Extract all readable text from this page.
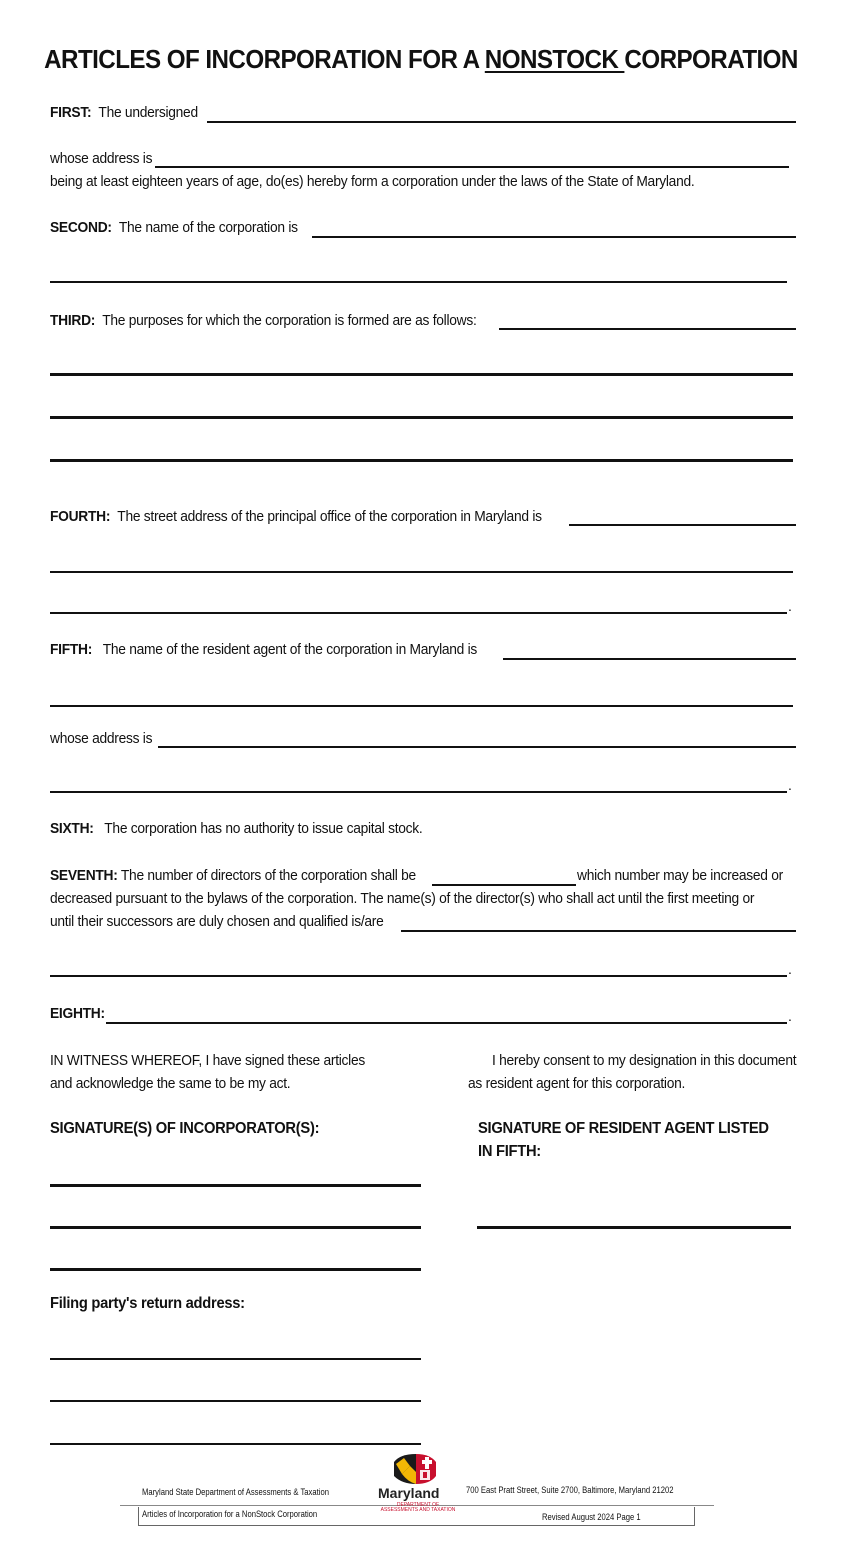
ARTICLES OF INCORPORATION FOR A NONSTOCK CORPORATION
FIRST: The undersigned
whose address is
being at least eighteen years of age, do(es) hereby form a corporation under the laws of the State of Maryland.
SECOND: The name of the corporation is
THIRD: The purposes for which the corporation is formed are as follows:
FOURTH: The street address of the principal office of the corporation in Maryland is
.
FIFTH: The name of the resident agent of the corporation in Maryland is
whose address is
.
SIXTH: The corporation has no authority to issue capital stock.
SEVENTH: The number of directors of the corporation shall be	which number may be increased or
decreased pursuant to the bylaws of the corporation. The name(s) of the director(s) who shall act until the first meeting or
until their successors are duly chosen and qualified is/are
.
EIGHTH:	.
IN WITNESS WHEREOF, I have signed these articles
and acknowledge the same to be my act.
I hereby consent to my designation in this document
as resident agent for this corporation.
SIGNATURE(S) OF INCORPORATOR(S):	SIGNATURE OF RESIDENT AGENT LISTED
IN FIFTH:
Filing party's return address:
Maryland State Department of Assessments & Taxation	700 East Pratt Street, Suite 2700, Baltimore, Maryland 21202
Articles of Incorporation for a NonStock Corporation	Revised August 2024 Page 1
Maryland
DEPARTMENT OF ASSESSMENTS AND TAXATION
